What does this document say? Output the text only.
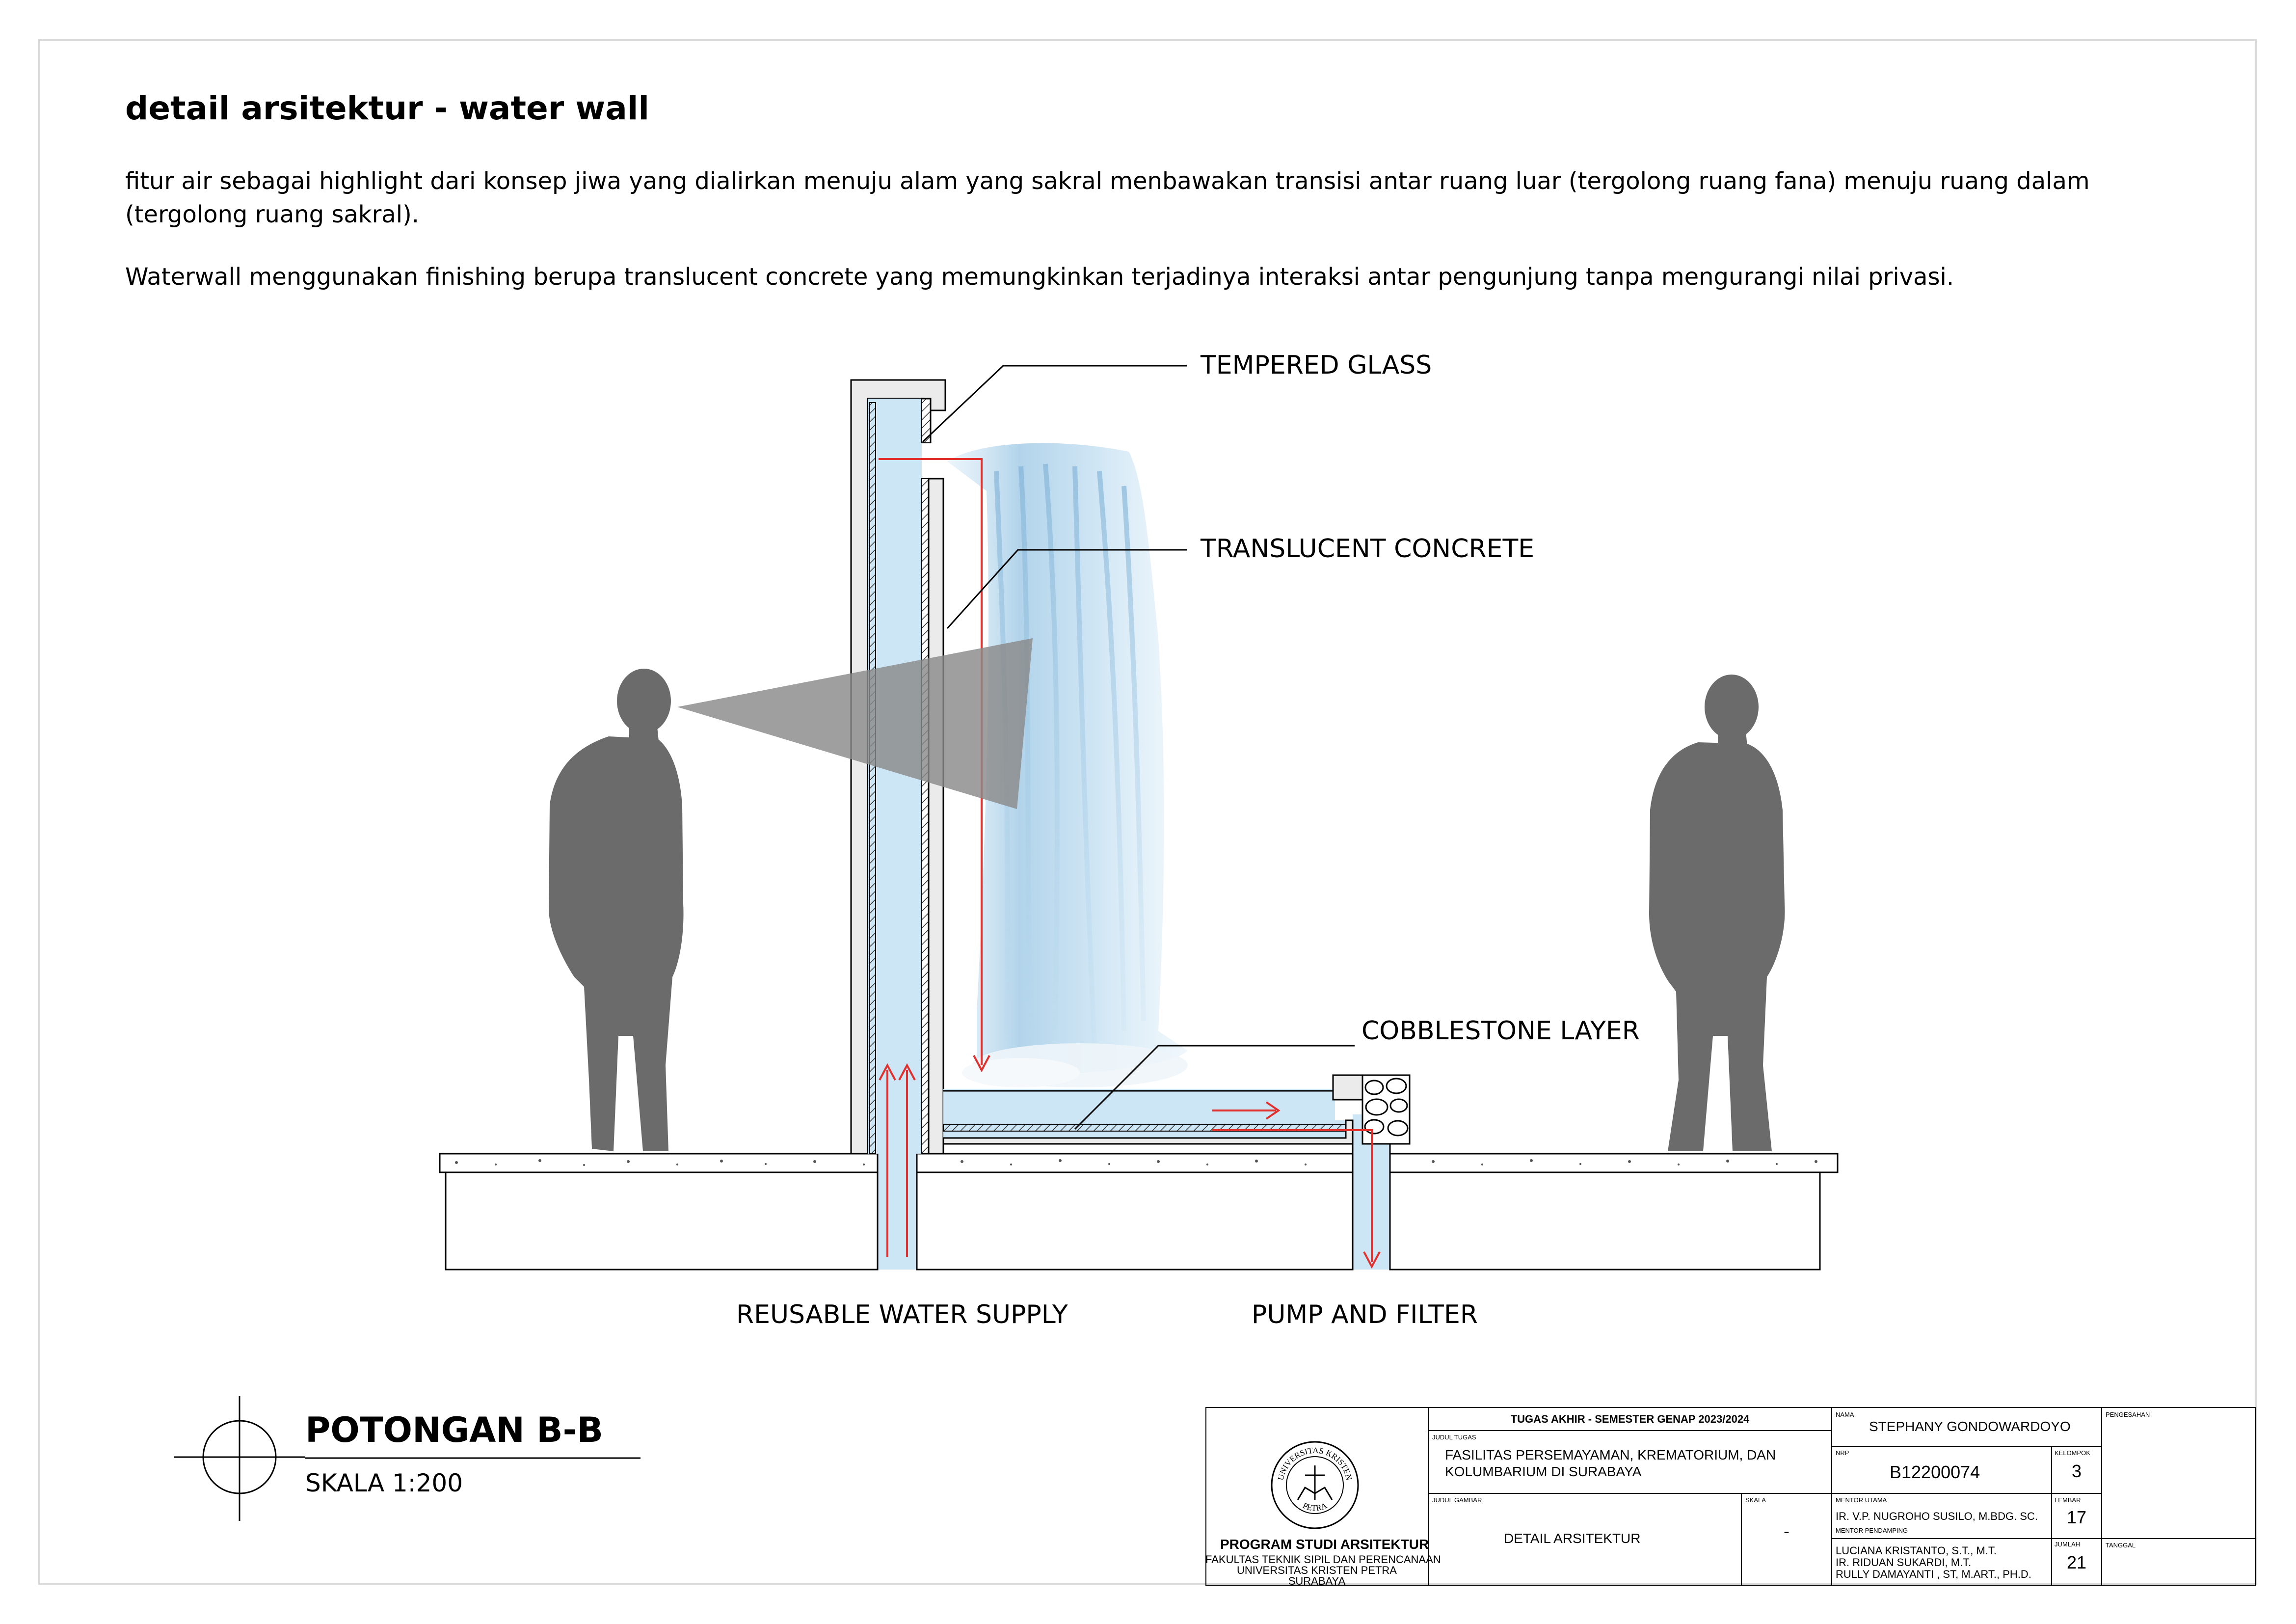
detail arsitektur - water wall
fitur air sebagai highlight dari konsep jiwa yang dialirkan menuju alam yang sakral menbawakan transisi antar ruang luar (tergolong ruang fana) menuju ruang dalam (tergolong ruang sakral).
Waterwall menggunakan finishing berupa translucent concrete yang memungkinkan terjadinya interaksi antar pengunjung tanpa mengurangi nilai privasi.
TEMPERED GLASS
TRANSLUCENT CONCRETE
COBBLESTONE LAYER
REUSABLE WATER SUPPLY	PUMP AND FILTER
POTONGAN B-B
SKALA 1:200	UNIVERSITAS KRISTEN
PETRA
PROGRAM STUDI ARSITEKTUR
FAKULTAS TEKNIK SIPIL DAN PERENCANAAN
UNIVERSITAS KRISTEN PETRA
SURABAYA
TUGAS AKHIR - SEMESTER GENAP 2023/2024
JUDUL TUGAS
FASILITAS PERSEMAYAMAN, KREMATORIUM, DAN
KOLUMBARIUM DI SURABAYA
JUDUL GAMBAR
DETAIL ARSITEKTUR
SKALA
-
NAMA
STEPHANY GONDOWARDOYO
NRP
B12200074
KELOMPOK
3
MENTOR UTAMA
IR. V.P. NUGROHO SUSILO, M.BDG. SC.
LEMBAR
17
MENTOR PENDAMPING
LUCIANA KRISTANTO, S.T., M.T.
IR. RIDUAN SUKARDI, M.T.
RULLY DAMAYANTI , ST, M.ART., PH.D.
JUMLAH
21
PENGESAHAN
TANGGAL
